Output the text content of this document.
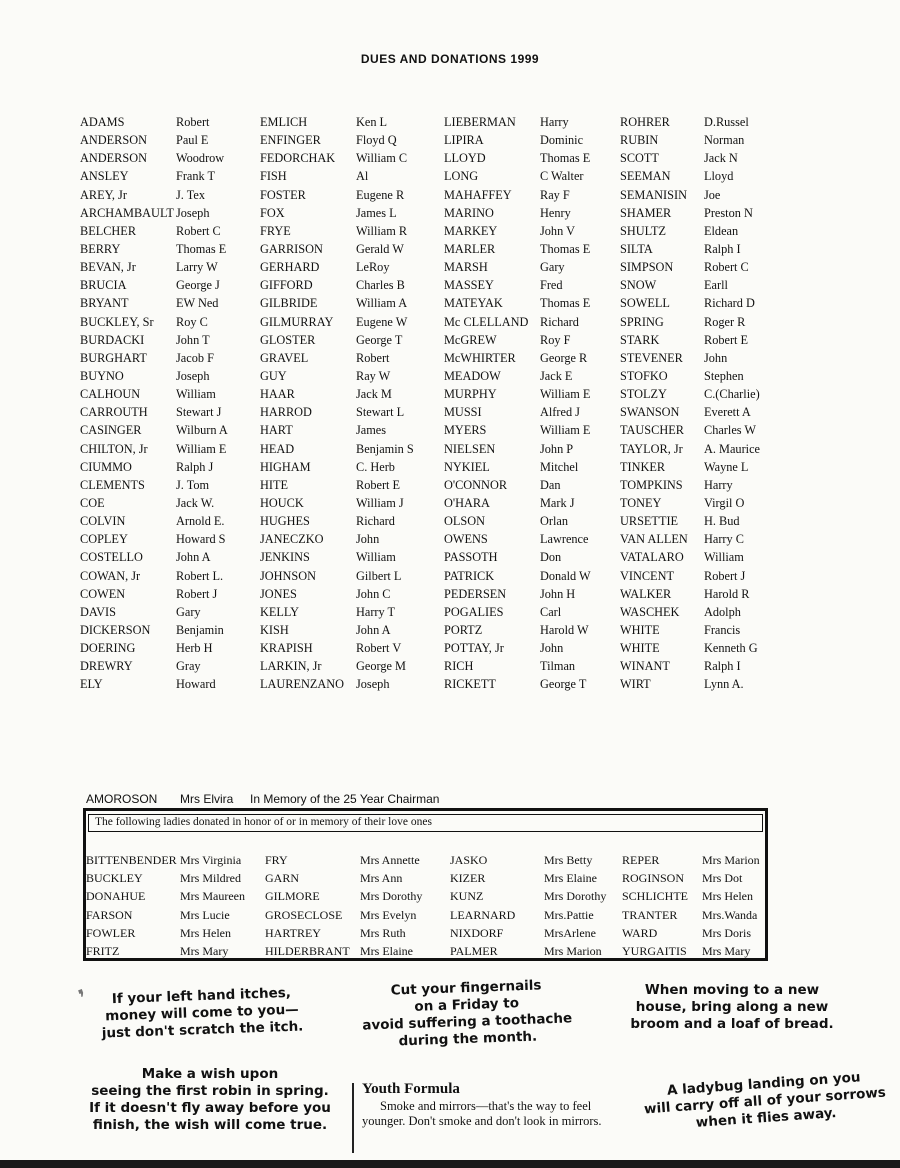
DUES AND DONATIONS 1999
ADAMS	Robert	EMLICH	Ken L	LIEBERMAN	Harry	ROHRER	D.Russel
ANDERSON	Paul E	ENFINGER	Floyd Q	LIPIRA	Dominic	RUBIN	Norman
ANDERSON	Woodrow	FEDORCHAK	William C	LLOYD	Thomas E	SCOTT	Jack N
ANSLEY	Frank T	FISH	Al	LONG	C Walter	SEEMAN	Lloyd
AREY, Jr	J. Tex	FOSTER	Eugene R	MAHAFFEY	Ray F	SEMANISIN	Joe
ARCHAMBAULT Joseph	FOX	James L	MARINO	Henry	SHAMER	Preston N
BELCHER	Robert C	FRYE	William R	MARKEY	John V	SHULTZ	Eldean
BERRY	Thomas E	GARRISON	Gerald W	MARLER	Thomas E	SILTA	Ralph I
BEVAN, Jr	Larry W	GERHARD	LeRoy	MARSH	Gary	SIMPSON	Robert C
BRUCIA	George J	GIFFORD	Charles B	MASSEY	Fred	SNOW	Earll
BRYANT	EW Ned	GILBRIDE	William A	MATEYAK	Thomas E	SOWELL	Richard D
BUCKLEY, Sr	Roy C	GILMURRAY	Eugene W	Mc CLELLAND Richard	SPRING	Roger R
BURDACKI	John T	GLOSTER	George T	McGREW	Roy F	STARK	Robert E
BURGHART	Jacob F	GRAVEL	Robert	McWHIRTER	George R	STEVENER	John
BUYNO	Joseph	GUY	Ray W	MEADOW	Jack E	STOFKO	Stephen
CALHOUN	William	HAAR	Jack M	MURPHY	William E	STOLZY	C.(Charlie)
CARROUTH	Stewart J	HARROD	Stewart L	MUSSI	Alfred J	SWANSON	Everett A
CASINGER	Wilburn A	HART	James	MYERS	William E	TAUSCHER	Charles W
CHILTON, Jr	William E	HEAD	Benjamin S	NIELSEN	John P	TAYLOR, Jr	A. Maurice
CIUMMO	Ralph J	HIGHAM	C. Herb	NYKIEL	Mitchel	TINKER	Wayne L
CLEMENTS	J. Tom	HITE	Robert E	O'CONNOR	Dan	TOMPKINS	Harry
COE	Jack W.	HOUCK	William J	O'HARA	Mark J	TONEY	Virgil O
COLVIN	Arnold E.	HUGHES	Richard	OLSON	Orlan	URSETTIE	H. Bud
COPLEY	Howard S	JANECZKO	John	OWENS	Lawrence	VAN ALLEN	Harry C
COSTELLO	John A	JENKINS	William	PASSOTH	Don	VATALARO	William
COWAN, Jr	Robert L.	JOHNSON	Gilbert L	PATRICK	Donald W	VINCENT	Robert J
COWEN	Robert J	JONES	John C	PEDERSEN	John H	WALKER	Harold R
DAVIS	Gary	KELLY	Harry T	POGALIES	Carl	WASCHEK	Adolph
DICKERSON	Benjamin	KISH	John A	PORTZ	Harold W	WHITE	Francis
DOERING	Herb H	KRAPISH	Robert V	POTTAY, Jr	John	WHITE	Kenneth G
DREWRY	Gray	LARKIN, Jr	George M	RICH	Tilman	WINANT	Ralph I
ELY	Howard	LAURENZANO Joseph	RICKETT	George T	WIRT	Lynn A.
AMOROSON Mrs Elvira In Memory of the 25 Year Chairman
The following ladies donated in honor of or in memory of their love ones
BITTENBENDER Mrs Virginia	FRY	Mrs Annette	JASKO	Mrs Betty	REPER	Mrs Marion
BUCKLEY	Mrs Mildred	GARN	Mrs Ann	KIZER	Mrs Elaine	ROGINSON	Mrs Dot
DONAHUE	Mrs Maureen	GILMORE	Mrs Dorothy	KUNZ	Mrs Dorothy	SCHLICHTE	Mrs Helen
FARSON	Mrs Lucie	GROSECLOSE	Mrs Evelyn	LEARNARD	Mrs.Pattie	TRANTER	Mrs.Wanda
FOWLER	Mrs Helen	HARTREY	Mrs Ruth	NIXDORF	MrsArlene	WARD	Mrs Doris
FRITZ	Mrs Mary	HILDERBRANT Mrs Elaine	PALMER	Mrs Marion	YURGAITIS	Mrs Mary
❜	If your left hand itches,
money will come to you—
just don't scratch the itch.
Cut your fingernails
on a Friday to
avoid suffering a toothache
during the month.
When moving to a new
house, bring along a new
broom and a loaf of bread.
Make a wish upon
seeing the first robin in spring.
If it doesn't fly away before you
finish, the wish will come true.
Youth Formula
Smoke and mirrors—that's the way to feel younger. Don't smoke and don't look in mirrors.
A ladybug landing on you
will carry off all of your sorrows
when it flies away.
